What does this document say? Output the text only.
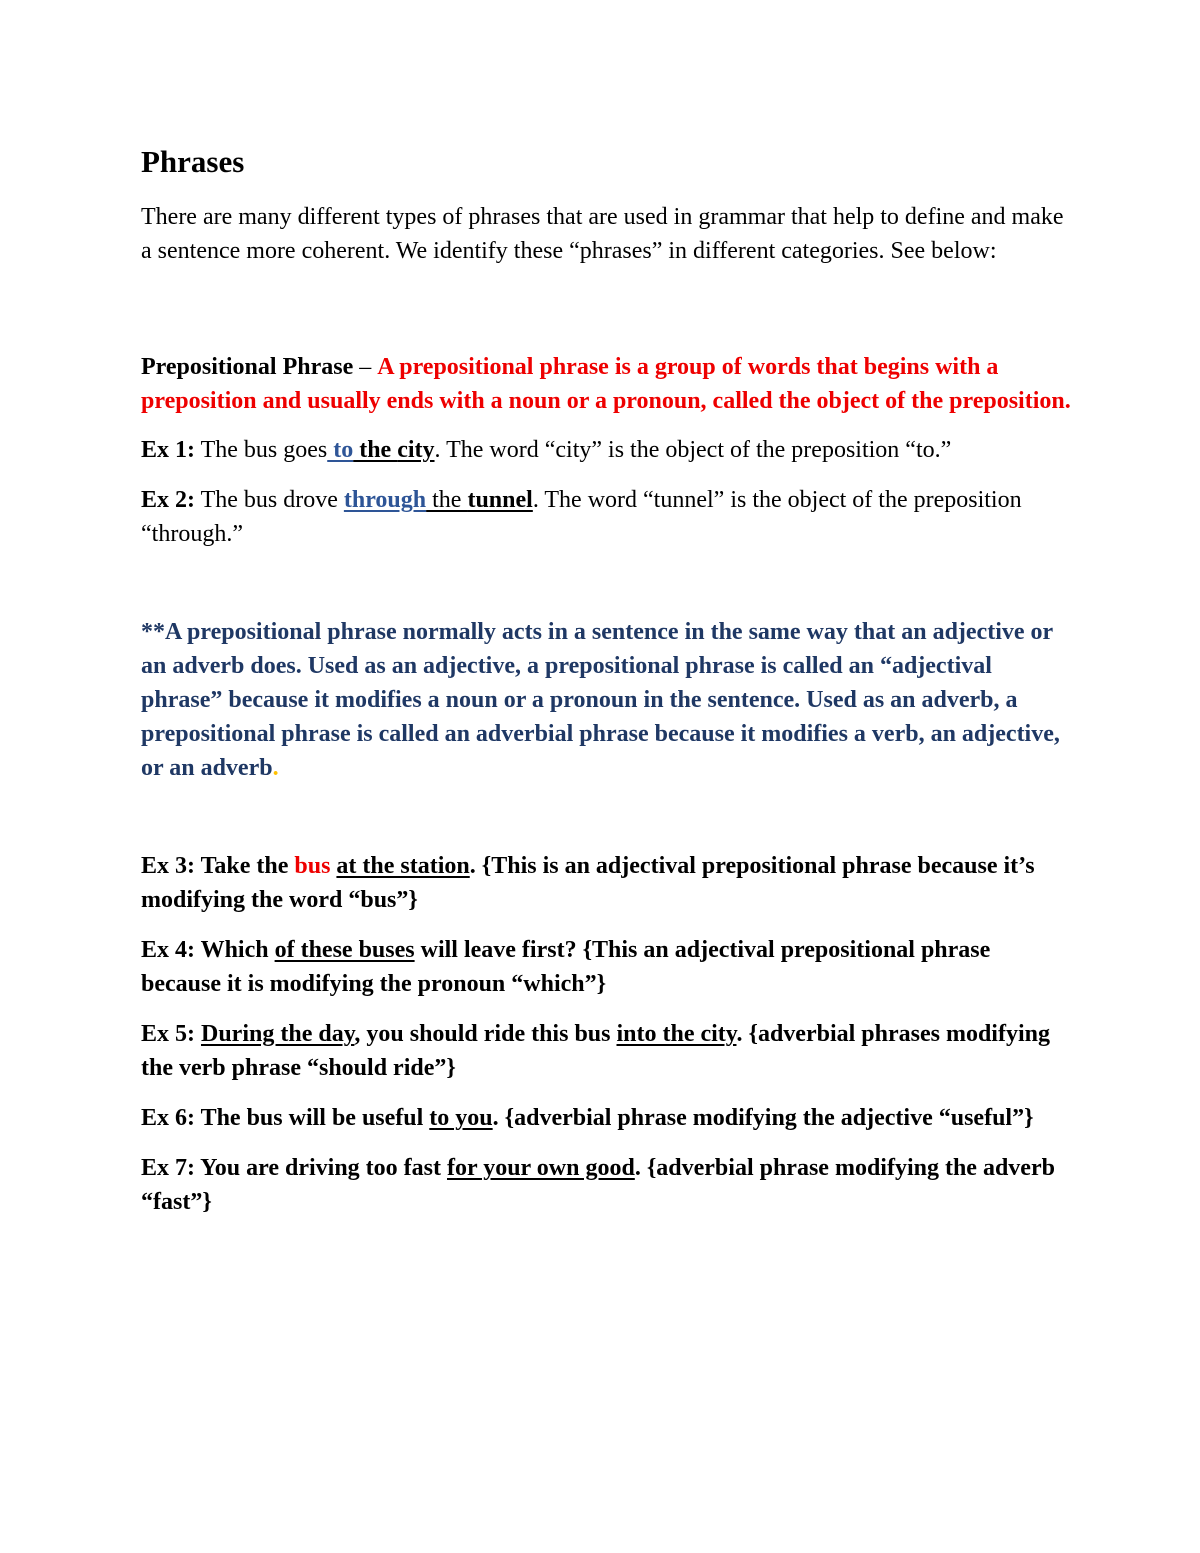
Phrases

There are many different types of phrases that are used in grammar that help to define and make a sentence more coherent. We identify these “phrases” in different categories. See below:

Prepositional Phrase – A prepositional phrase is a group of words that begins with a preposition and usually ends with a noun or a pronoun, called the object of the preposition.

Ex 1: The bus goes to the city. The word “city” is the object of the preposition “to.”

Ex 2: The bus drove through the tunnel. The word “tunnel” is the object of the preposition “through.”

**A prepositional phrase normally acts in a sentence in the same way that an adjective or an adverb does. Used as an adjective, a prepositional phrase is called an “adjectival phrase” because it modifies a noun or a pronoun in the sentence. Used as an adverb, a prepositional phrase is called an adverbial phrase because it modifies a verb, an adjective, or an adverb.

Ex 3: Take the bus at the station. {This is an adjectival prepositional phrase because it’s modifying the word “bus”}

Ex 4: Which of these buses will leave first? {This an adjectival prepositional phrase because it is modifying the pronoun “which”}

Ex 5: During the day, you should ride this bus into the city. {adverbial phrases modifying the verb phrase “should ride”}

Ex 6: The bus will be useful to you. {adverbial phrase modifying the adjective “useful”}

Ex 7: You are driving too fast for your own good. {adverbial phrase modifying the adverb “fast”}
